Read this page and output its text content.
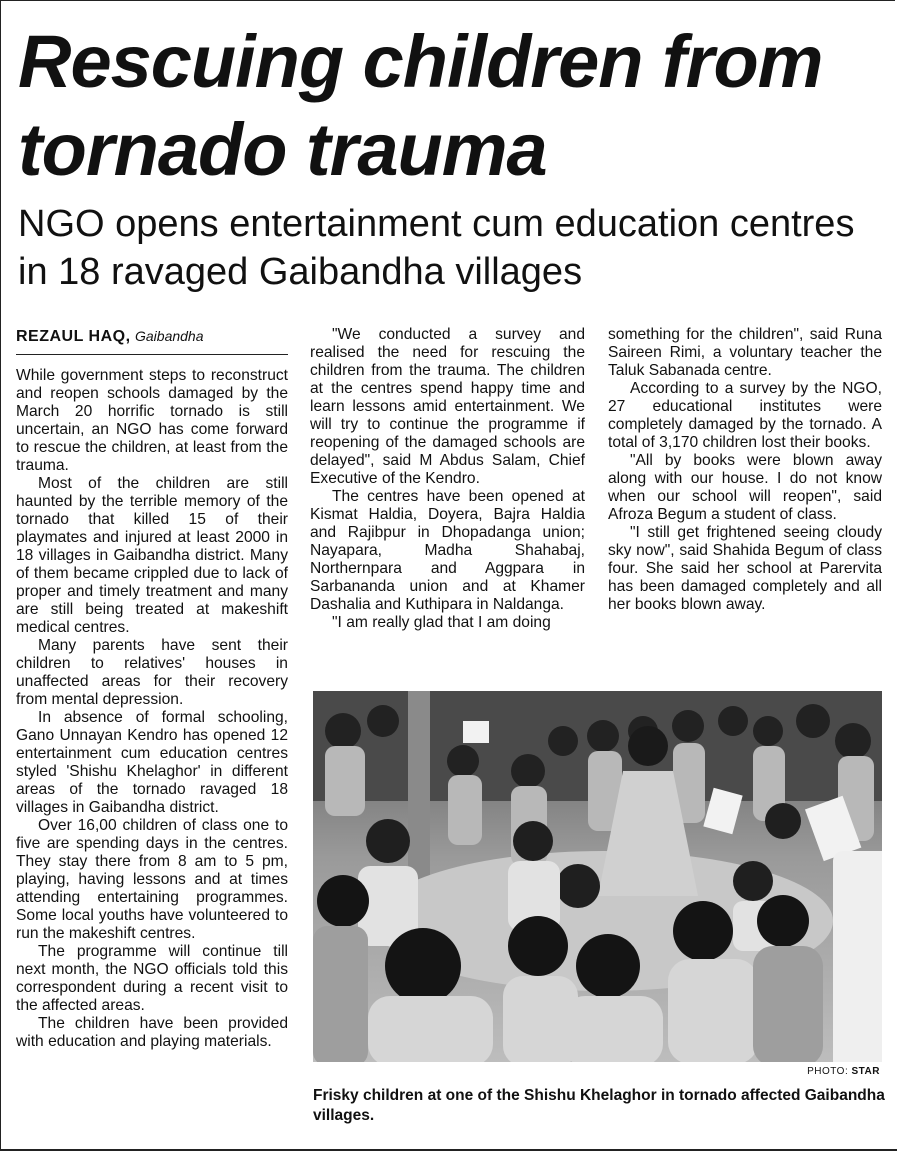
Rescuing children from tornado trauma
NGO opens entertainment cum education centres in 18 ravaged Gaibandha villages
REZAUL HAQ, Gaibandha

While government steps to reconstruct and reopen schools damaged by the March 20 horrific tornado is still uncertain, an NGO has come forward to rescue the children, at least from the trauma.

Most of the children are still haunted by the terrible memory of the tornado that killed 15 of their playmates and injured at least 2000 in 18 villages in Gaibandha district. Many of them became crippled due to lack of proper and timely treatment and many are still being treated at makeshift medical centres.

Many parents have sent their children to relatives' houses in unaffected areas for their recovery from mental depression.

In absence of formal schooling, Gano Unnayan Kendro has opened 12 entertainment cum education centres styled 'Shishu Khelaghor' in different areas of the tornado ravaged 18 villages in Gaibandha district.

Over 16,00 children of class one to five are spending days in the centres. They stay there from 8 am to 5 pm, playing, having lessons and at times attending entertaining programmes. Some local youths have volunteered to run the makeshift centres.

The programme will continue till next month, the NGO officials told this correspondent during a recent visit to the affected areas.

The children have been provided with education and playing materials.

"We conducted a survey and realised the need for rescuing the children from the trauma. The children at the centres spend happy time and learn lessons amid entertainment. We will try to continue the programme if reopening of the damaged schools are delayed", said M Abdus Salam, Chief Executive of the Kendro.

The centres have been opened at Kismat Haldia, Doyera, Bajra Haldia and Rajibpur in Dhopadanga union; Nayapara, Madha Shahabaj, Northernpara and Aggpara in Sarbananda union and at Khamer Dashalia and Kuthipara in Naldanga.

"I am really glad that I am doing

something for the children", said Runa Saireen Rimi, a voluntary teacher the Taluk Sabanada centre.

According to a survey by the NGO, 27 educational institutes were completely damaged by the tornado. A total of 3,170 children lost their books.

"All by books were blown away along with our house. I do not know when our school will reopen", said Afroza Begum a student of class.

"I still get frightened seeing cloudy sky now", said Shahida Begum of class four. She said her school at Parervita has been damaged completely and all her books blown away.

PHOTO: STAR

Frisky children at one of the Shishu Khelaghor in tornado affected Gaibandha villages.
